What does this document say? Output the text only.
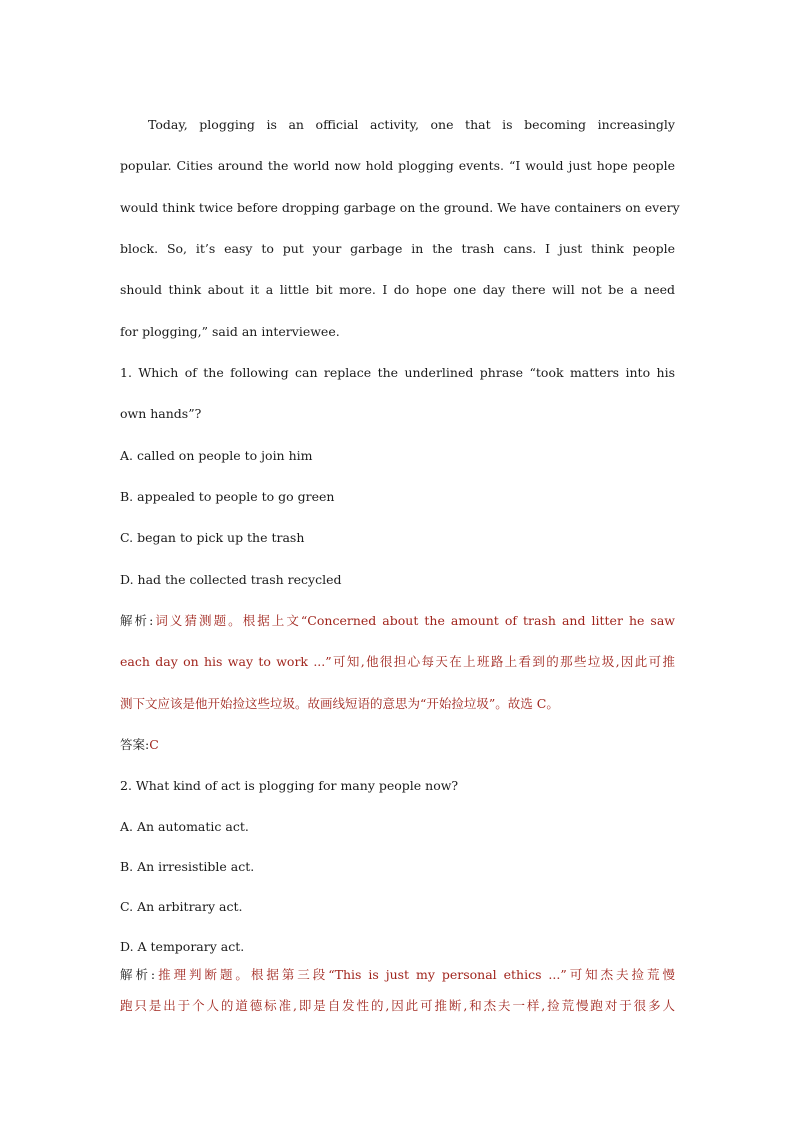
Today, plogging is an official activity, one that is becoming increasingly
popular. Cities around the world now hold plogging events. “I would just hope people
would think twice before dropping garbage on the ground. We have containers on every
block. So, it’s easy to put your garbage in the trash cans. I just think people
should think about it a little bit more. I do hope one day there will not be a need
for plogging,” said an interviewee.
1. Which of the following can replace the underlined phrase “took matters into his
own hands”?
A. called on people to join him
B. appealed to people to go green
C. began to pick up the trash
D. had the collected trash recycled
解析:词义猜测题。根据上文“Concerned about the amount of trash and litter he saw
each day on his way to work ...”可知,他很担心每天在上班路上看到的那些垃圾,因此可推
测下文应该是他开始捡这些垃圾。故画线短语的意思为“开始捡垃圾”。故选 C。
答案:C
2. What kind of act is plogging for many people now?
A. An automatic act.
B. An irresistible act.
C. An arbitrary act.
D. A temporary act.
解析:推理判断题。根据第三段“This is just my personal ethics ...”可知杰夫捡荒慢
跑只是出于个人的道德标准,即是自发性的,因此可推断,和杰夫一样,捡荒慢跑对于很多人
